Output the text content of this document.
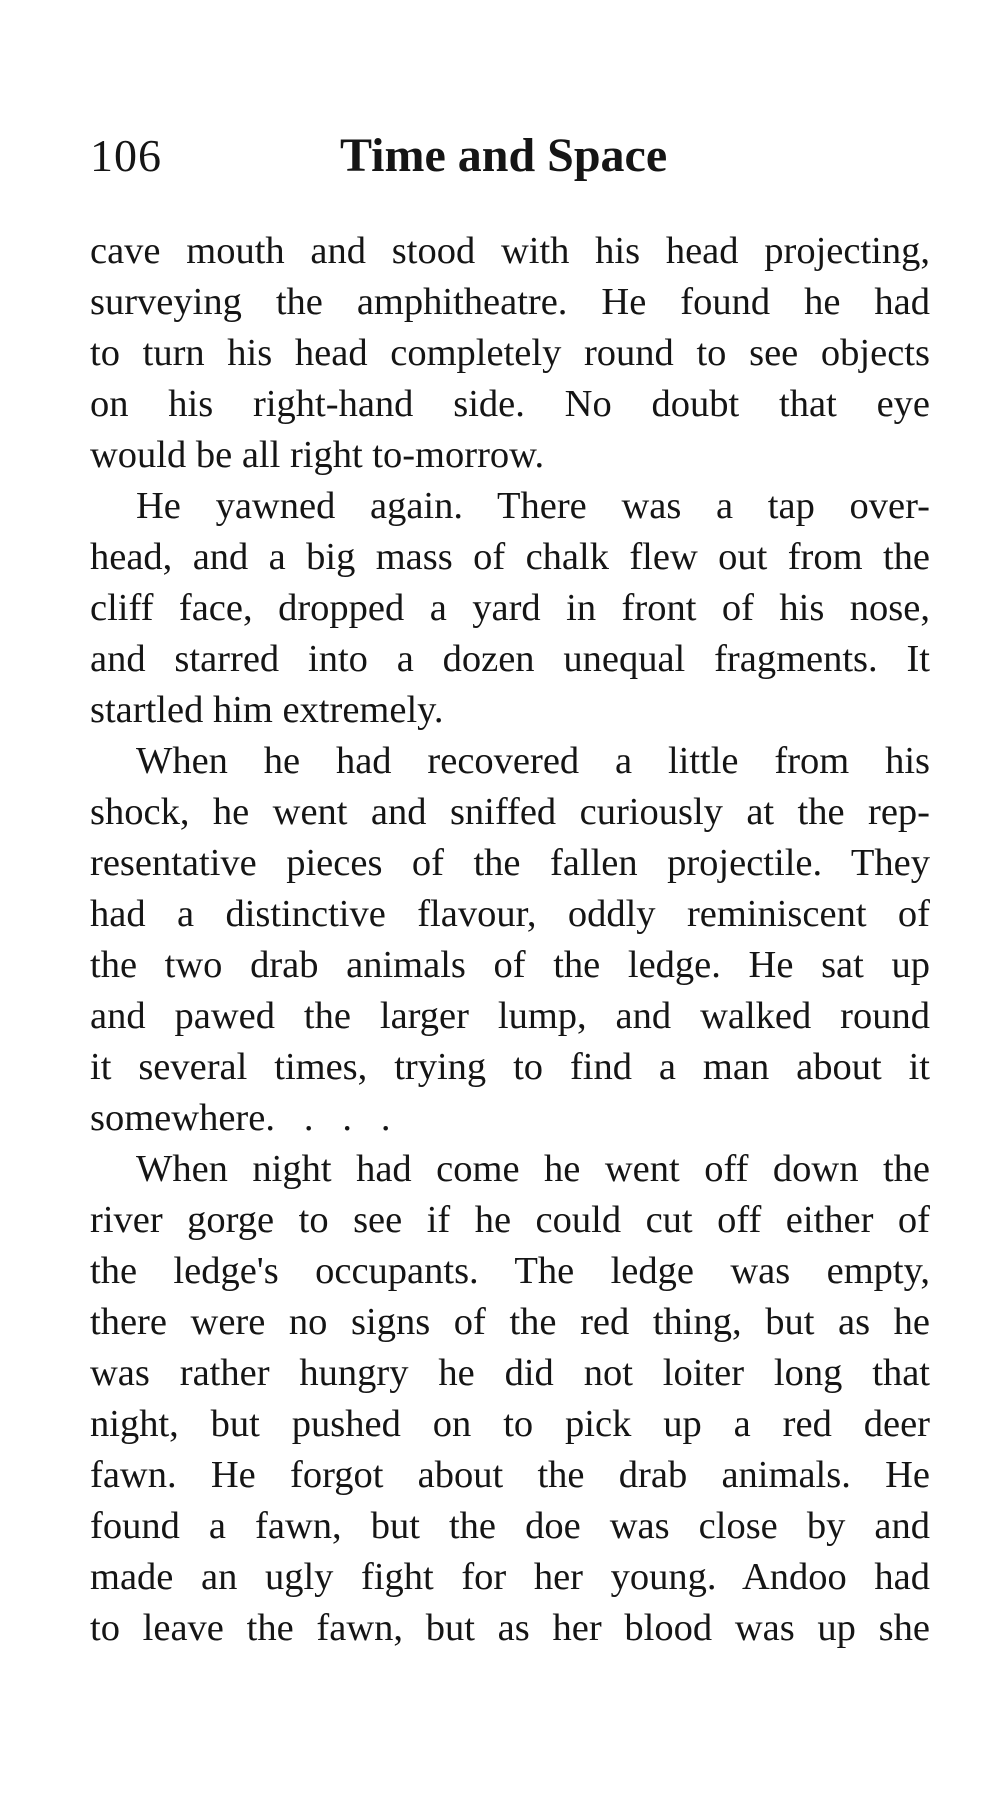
106	Time and Space
cave mouth and stood with his head projecting,
surveying the amphitheatre. He found he had
to turn his head completely round to see objects
on his right-hand side. No doubt that eye
would be all right to-morrow.
He yawned again. There was a tap over-
head, and a big mass of chalk flew out from the
cliff face, dropped a yard in front of his nose,
and starred into a dozen unequal fragments. It
startled him extremely.
When he had recovered a little from his
shock, he went and sniffed curiously at the rep-
resentative pieces of the fallen projectile. They
had a distinctive flavour, oddly reminiscent of
the two drab animals of the ledge. He sat up
and pawed the larger lump, and walked round
it several times, trying to find a man about it
somewhere.   .   .   .
When night had come he went off down the
river gorge to see if he could cut off either of
the ledge's occupants. The ledge was empty,
there were no signs of the red thing, but as he
was rather hungry he did not loiter long that
night, but pushed on to pick up a red deer
fawn. He forgot about the drab animals. He
found a fawn, but the doe was close by and
made an ugly fight for her young. Andoo had
to leave the fawn, but as her blood was up she
